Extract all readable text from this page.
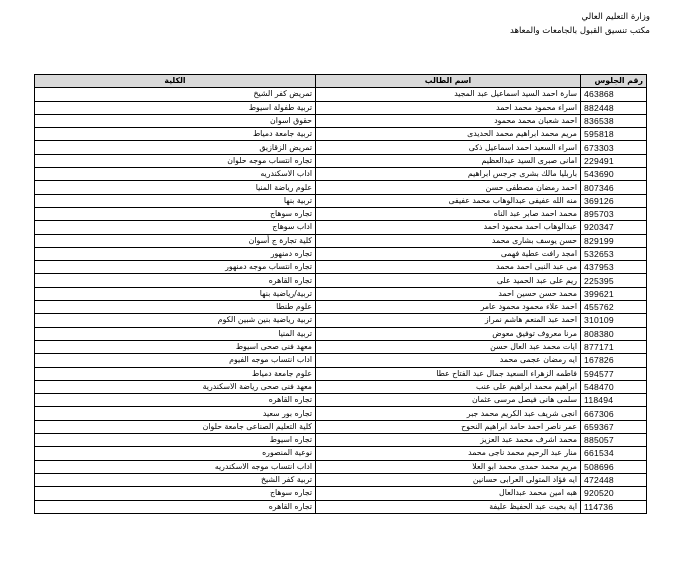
وزارة التعليم العالي
مكتب تنسيق القبول بالجامعات والمعاهد
رقم الجلوس	اسم الطالب	الكلية
463868	سارة احمد السيد اسماعيل عبد المجيد	تمريض كفر الشيخ
882448	اسراء محمود محمد احمد	تربية طفولة اسيوط
836538	احمد شعبان محمد محمود	حقوق اسوان
595818	مريم محمد ابراهيم محمد الحديدى	تربية جامعة دمياط
673303	اسراء السعيد احمد اسماعيل ذكى	تمريض الزقازيق
229491	امانى صبرى السيد عبدالعظيم	تجاره انتساب موجه حلوان
543690	باربليا مالك بشرى جرجس ابراهيم	اداب الاسكندريه
807346	احمد رمضان مصطفى حسن	علوم رياضة المنيا
369126	منه الله عفيفى عبدالوهاب محمد عفيفى	تربية بنها
895703	محمد احمد صابر عبد الناه	تجاره سوهاج
920347	عبدالوهاب احمد محمود احمد	اداب سوهاج
829199	حسن يوسف بشارى محمد	كلية تجارة ج أسوان
532653	امجد رافت عطية فهمى	تجاره دمنهور
437953	مى عبد النبى احمد محمد	تجاره انتساب موجه دمنهور
225395	ريم على عبد الحميد على	تجاره القاهره
399621	محمد حسن حسين احمد	تربية/رياضية بنها
455762	احمد علاء محمود محمود عامر	علوم طنطا
310109	احمد عبد المنعم هاشم نمراز	تربية رياضية بنين شبين الكوم
808380	مرنا معروف توفيق معوض	تربية المنيا
877171	ايات محمد عبد العال حسن	معهد فنى صحى اسيوط
167826	ايه رمضان عجمى محمد	اداب انتساب موجه الفيوم
594577	فاطمه الزهراء السعيد جمال عبد الفتاح عطا	علوم جامعة دمياط
548470	ابراهيم محمد ابراهيم على عنب	معهد فنى صحى رياضة الاسكندرية
118494	سلمى هانى فيصل مرسى عثمان	تجاره القاهره
667306	انجى شريف عبد الكريم محمد جبر	تجاره بور سعيد
659367	عمر ناصر احمد حامد ابراهيم النحوح	كلية التعليم الصناعى جامعة حلوان
885057	محمد اشرف محمد عبد العزيز	تجاره اسيوط
661534	منار عبد الرحيم محمد ناجى محمد	نوعية المنصوره
508696	مريم محمد حمدى محمد ابو العلا	اداب انتساب موجه الاسكندريه
472448	ايه فؤاد المتولى العرابى حسانين	تربية كفر الشيخ
920520	هبه امين محمد عبدالعال	تجاره سوهاج
114736	اية بخيت عبد الحفيظ عليفة	تجاره القاهره
